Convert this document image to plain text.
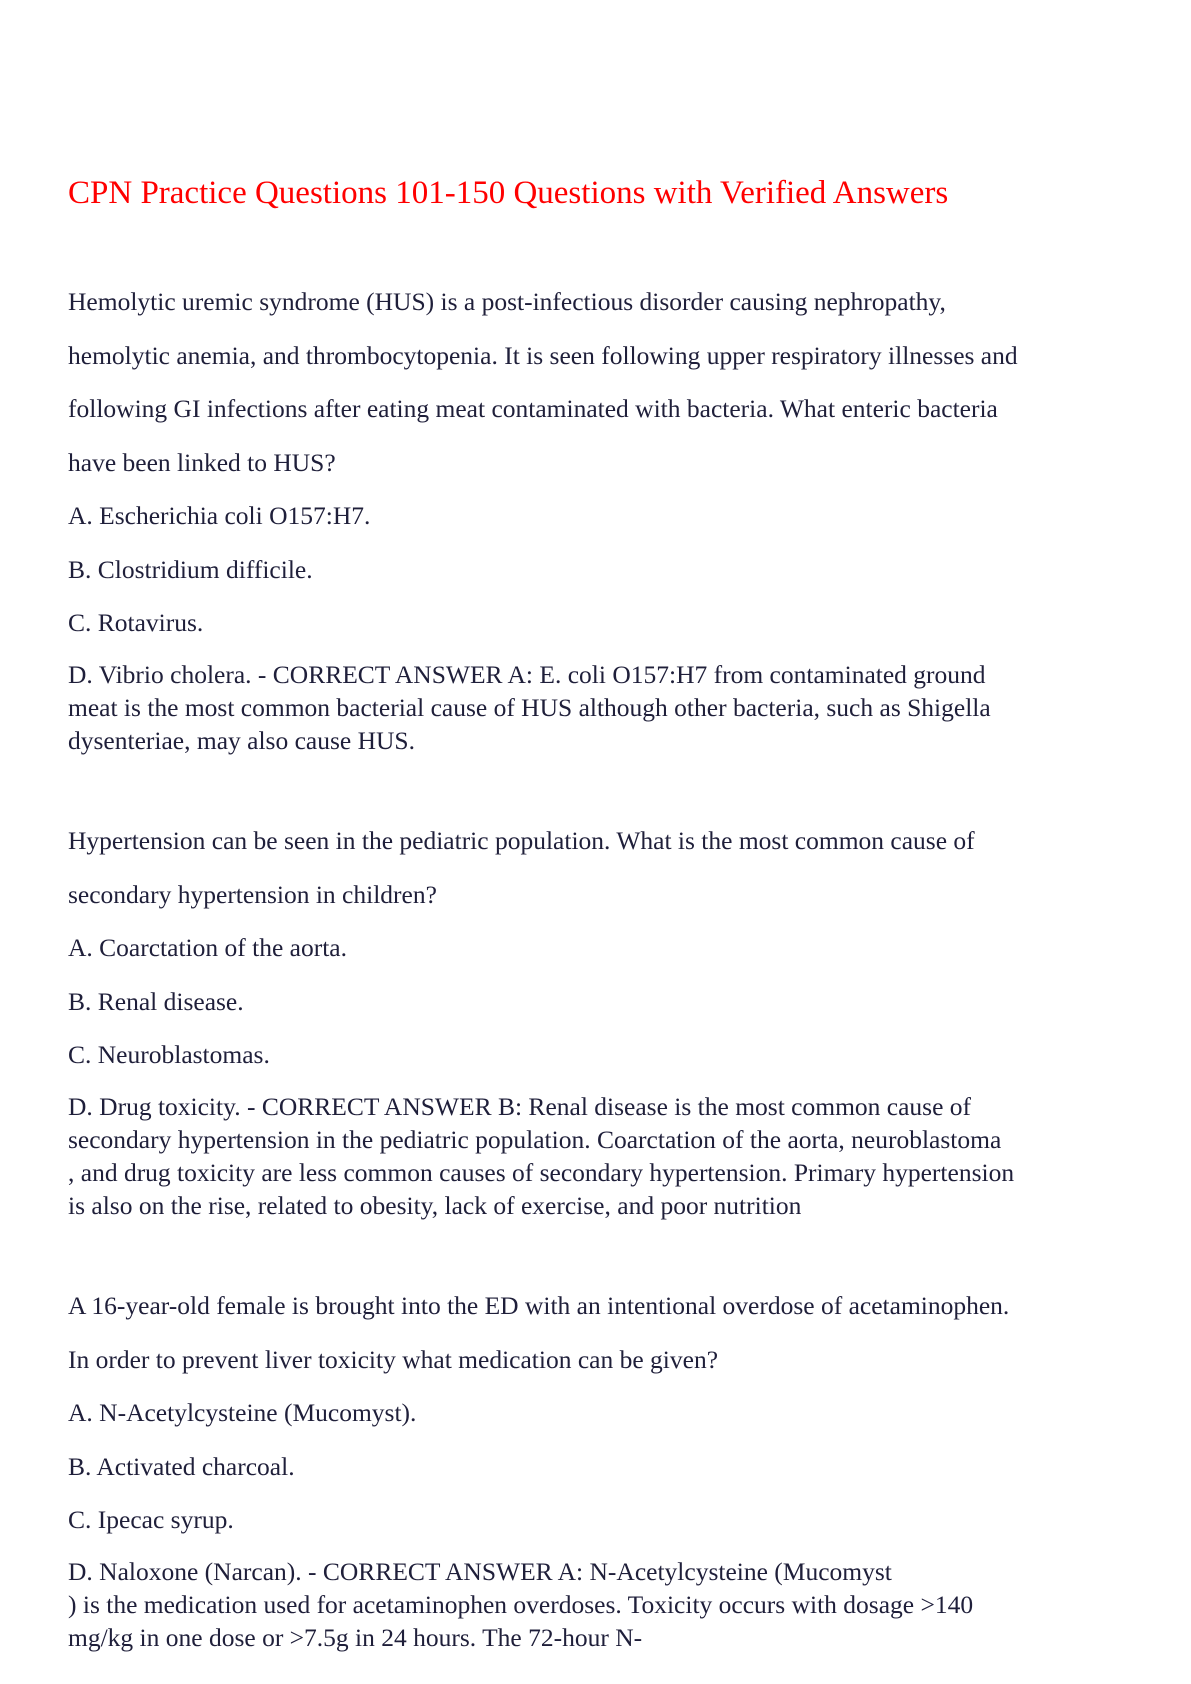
CPN Practice Questions 101-150 Questions with Verified Answers
Hemolytic uremic syndrome (HUS) is a post-infectious disorder causing nephropathy,
hemolytic anemia, and thrombocytopenia. It is seen following upper respiratory illnesses and
following GI infections after eating meat contaminated with bacteria. What enteric bacteria
have been linked to HUS?
A. Escherichia coli O157:H7.
B. Clostridium difficile.
C. Rotavirus.
D. Vibrio cholera. - CORRECT ANSWER A: E. coli O157:H7 from contaminated ground
meat is the most common bacterial cause of HUS although other bacteria, such as Shigella
dysenteriae, may also cause HUS.
Hypertension can be seen in the pediatric population. What is the most common cause of
secondary hypertension in children?
A. Coarctation of the aorta.
B. Renal disease.
C. Neuroblastomas.
D. Drug toxicity. - CORRECT ANSWER B: Renal disease is the most common cause of
secondary hypertension in the pediatric population. Coarctation of the aorta, neuroblastoma
, and drug toxicity are less common causes of secondary hypertension. Primary hypertension
is also on the rise, related to obesity, lack of exercise, and poor nutrition
A 16-year-old female is brought into the ED with an intentional overdose of acetaminophen.
In order to prevent liver toxicity what medication can be given?
A. N-Acetylcysteine (Mucomyst).
B. Activated charcoal.
C. Ipecac syrup.
D. Naloxone (Narcan). - CORRECT ANSWER A: N-Acetylcysteine (Mucomyst
) is the medication used for acetaminophen overdoses. Toxicity occurs with dosage >140
mg/kg in one dose or >7.5g in 24 hours. The 72-hour N-
